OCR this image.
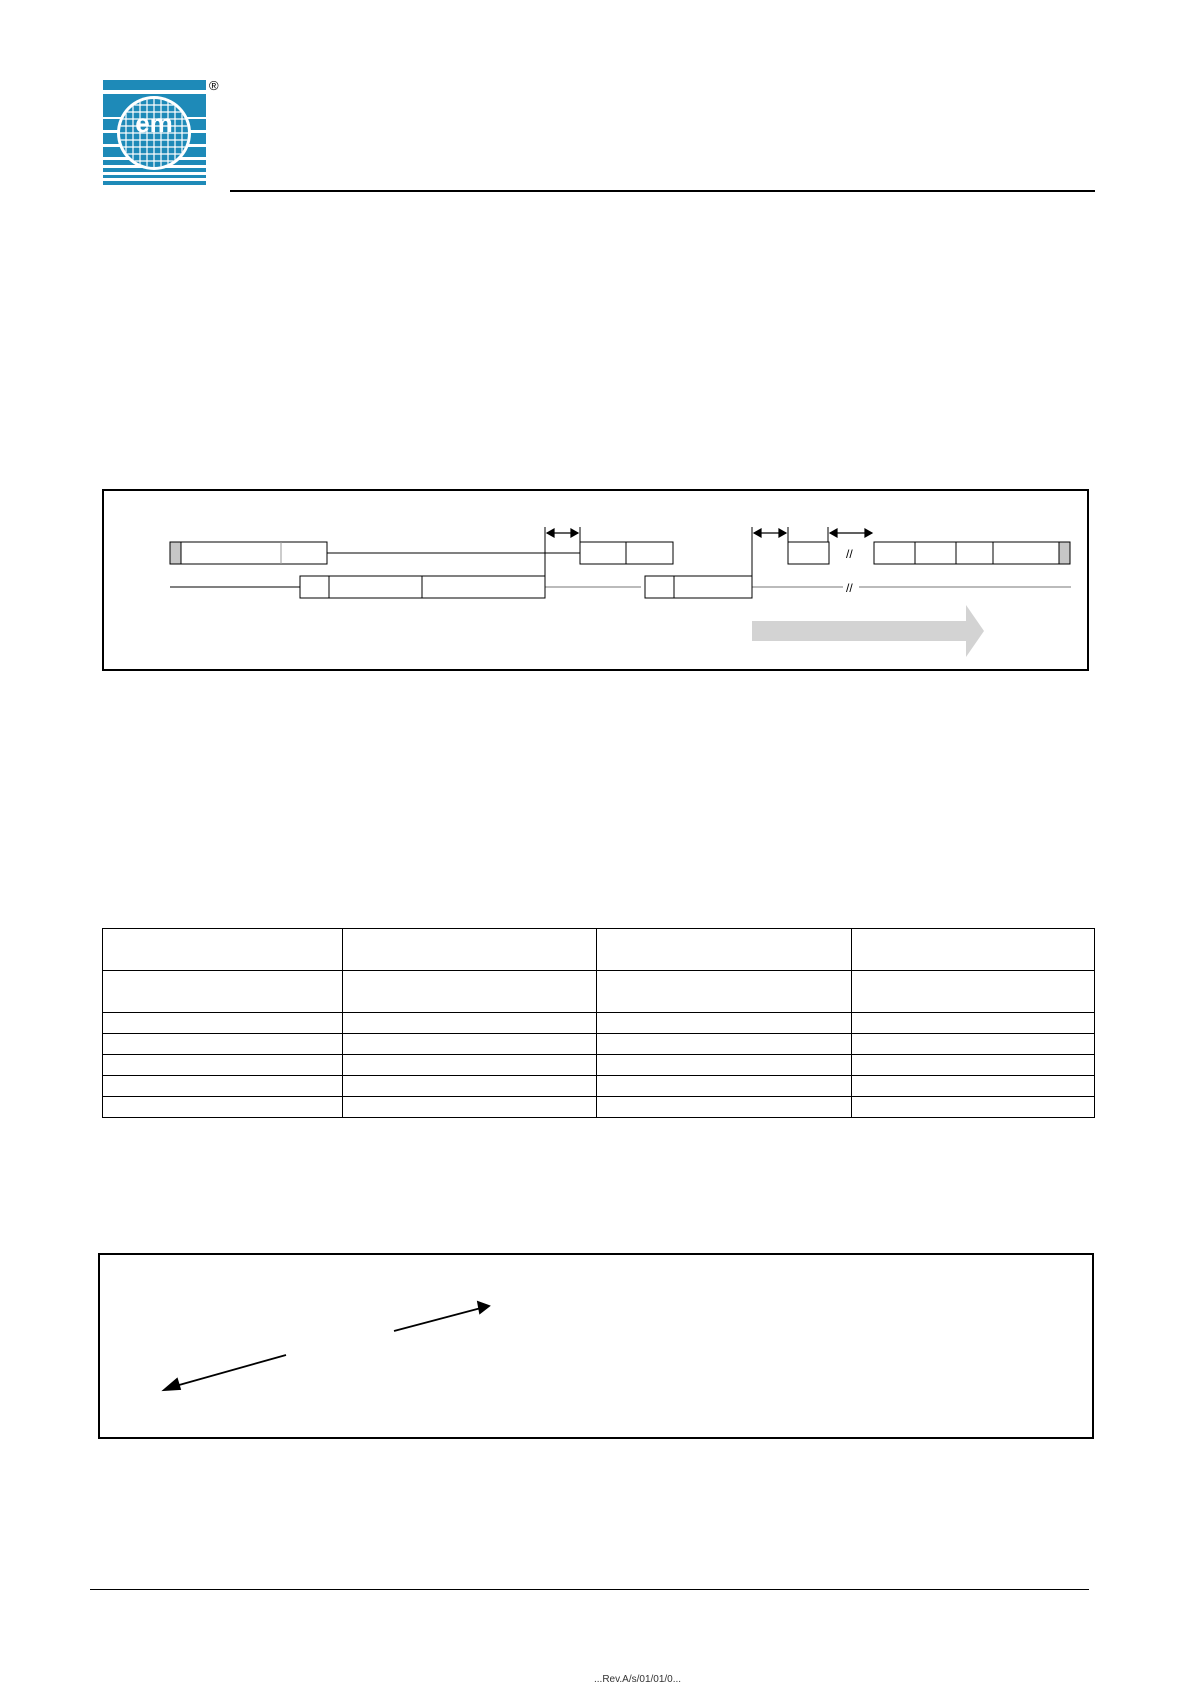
em
®
//
//

...Rev.A/s/01/01/0...
